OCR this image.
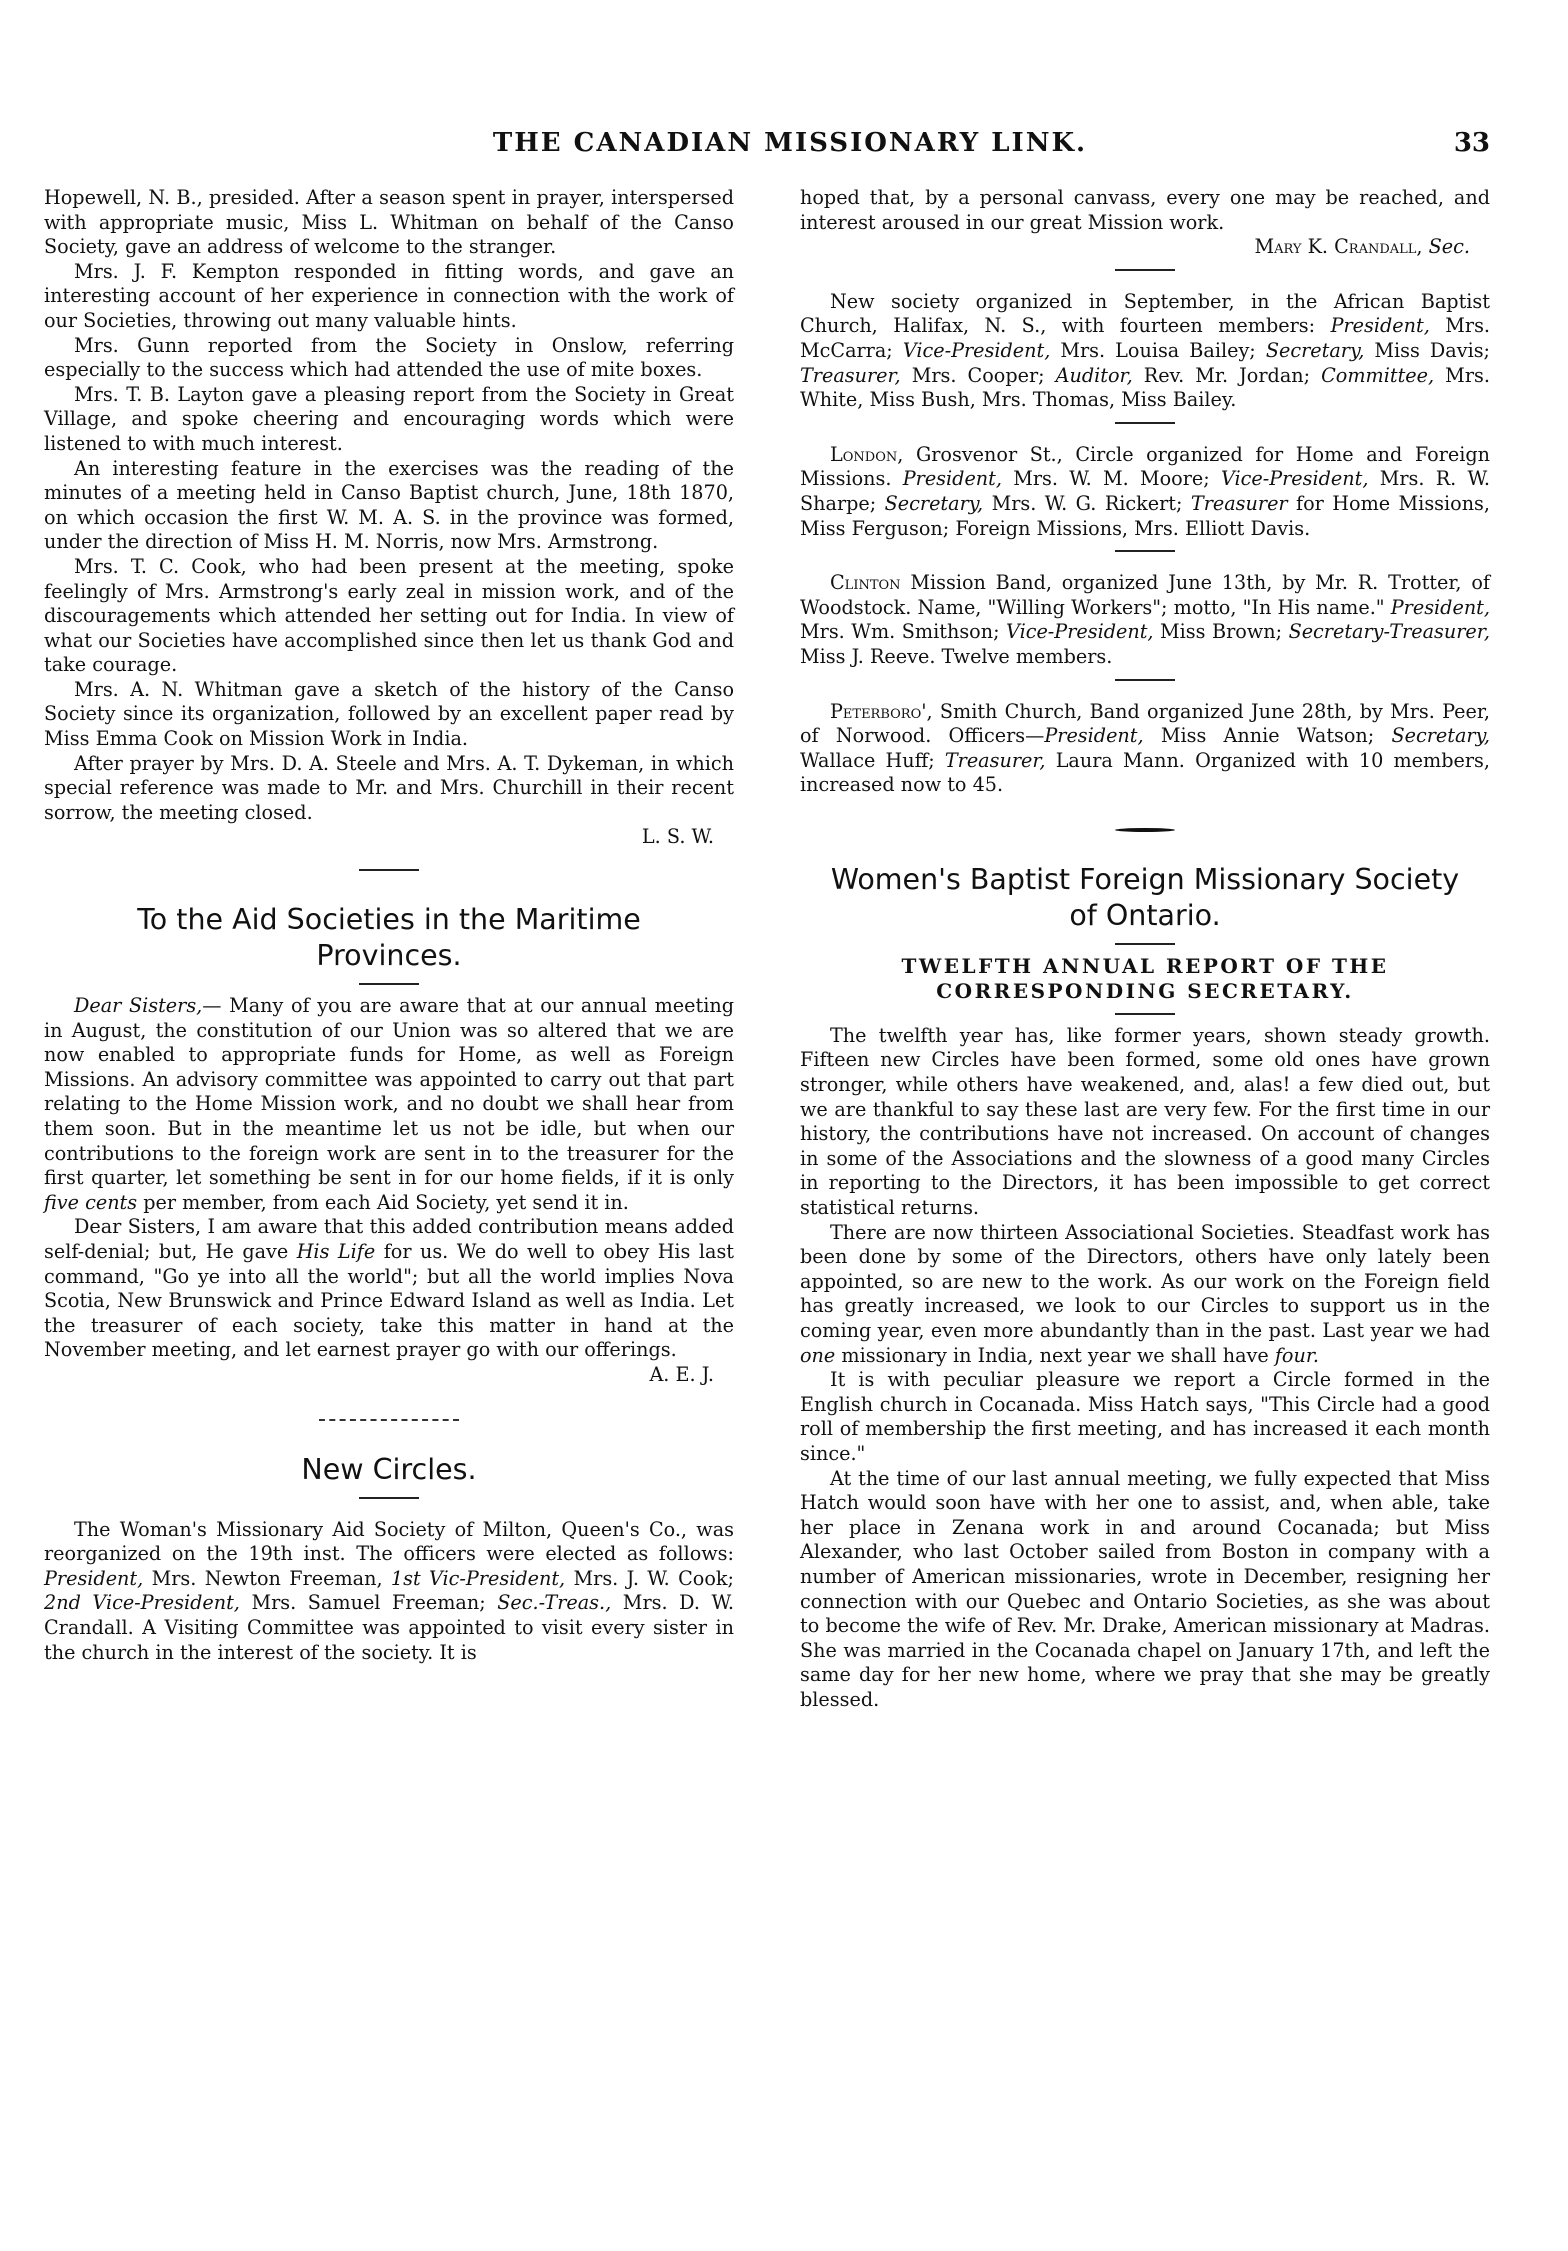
THE CANADIAN MISSIONARY LINK.	33

Hopewell, N. B., presided. After a season spent in prayer, interspersed with appropriate music, Miss L. Whitman on behalf of the Canso Society, gave an address of welcome to the stranger.

Mrs. J. F. Kempton responded in fitting words, and gave an interesting account of her experience in connection with the work of our Societies, throwing out many valuable hints.

Mrs. Gunn reported from the Society in Onslow, referring especially to the success which had attended the use of mite boxes.

Mrs. T. B. Layton gave a pleasing report from the Society in Great Village, and spoke cheering and encouraging words which were listened to with much interest.

An interesting feature in the exercises was the reading of the minutes of a meeting held in Canso Baptist church, June, 18th 1870, on which occasion the first W. M. A. S. in the province was formed, under the direction of Miss H. M. Norris, now Mrs. Armstrong.

Mrs. T. C. Cook, who had been present at the meeting, spoke feelingly of Mrs. Armstrong's early zeal in mission work, and of the discouragements which attended her setting out for India. In view of what our Societies have accomplished since then let us thank God and take courage.

Mrs. A. N. Whitman gave a sketch of the history of the Canso Society since its organization, followed by an excellent paper read by Miss Emma Cook on Mission Work in India.

After prayer by Mrs. D. A. Steele and Mrs. A. T. Dykeman, in which special reference was made to Mr. and Mrs. Churchill in their recent sorrow, the meeting closed.

L. S. W.

To the Aid Societies in the Maritime Provinces.

Dear Sisters,— Many of you are aware that at our annual meeting in August, the constitution of our Union was so altered that we are now enabled to appropriate funds for Home, as well as Foreign Missions. An advisory committee was appointed to carry out that part relating to the Home Mission work, and no doubt we shall hear from them soon. But in the meantime let us not be idle, but when our contributions to the foreign work are sent in to the treasurer for the first quarter, let something be sent in for our home fields, if it is only five cents per member, from each Aid Society, yet send it in.

Dear Sisters, I am aware that this added contribution means added self-denial; but, He gave His Life for us. We do well to obey His last command, "Go ye into all the world"; but all the world implies Nova Scotia, New Brunswick and Prince Edward Island as well as India. Let the treasurer of each society, take this matter in hand at the November meeting, and let earnest prayer go with our offerings.

A. E. J.

New Circles.

The Woman's Missionary Aid Society of Milton, Queen's Co., was reorganized on the 19th inst. The officers were elected as follows: President, Mrs. Newton Freeman, 1st Vic-President, Mrs. J. W. Cook; 2nd Vice-President, Mrs. Samuel Freeman; Sec.-Treas., Mrs. D. W. Crandall. A Visiting Committee was appointed to visit every sister in the church in the interest of the society. It is

hoped that, by a personal canvass, every one may be reached, and interest aroused in our great Mission work.

Mary K. Crandall, Sec.

New society organized in September, in the African Baptist Church, Halifax, N. S., with fourteen members: President, Mrs. McCarra; Vice-President, Mrs. Louisa Bailey; Secretary, Miss Davis; Treasurer, Mrs. Cooper; Auditor, Rev. Mr. Jordan; Committee, Mrs. White, Miss Bush, Mrs. Thomas, Miss Bailey.

London, Grosvenor St., Circle organized for Home and Foreign Missions. President, Mrs. W. M. Moore; Vice-President, Mrs. R. W. Sharpe; Secretary, Mrs. W. G. Rickert; Treasurer for Home Missions, Miss Ferguson; Foreign Missions, Mrs. Elliott Davis.

Clinton Mission Band, organized June 13th, by Mr. R. Trotter, of Woodstock. Name, "Willing Workers"; motto, "In His name." President, Mrs. Wm. Smithson; Vice-President, Miss Brown; Secretary-Treasurer, Miss J. Reeve. Twelve members.

Peterboro', Smith Church, Band organized June 28th, by Mrs. Peer, of Norwood. Officers—President, Miss Annie Watson; Secretary, Wallace Huff; Treasurer, Laura Mann. Organized with 10 members, increased now to 45.

Women's Baptist Foreign Missionary Society of Ontario.
TWELFTH ANNUAL REPORT OF THE CORRESPONDING SECRETARY.

The twelfth year has, like former years, shown steady growth. Fifteen new Circles have been formed, some old ones have grown stronger, while others have weakened, and, alas! a few died out, but we are thankful to say these last are very few. For the first time in our history, the contributions have not increased. On account of changes in some of the Associations and the slowness of a good many Circles in reporting to the Directors, it has been impossible to get correct statistical returns.

There are now thirteen Associational Societies. Steadfast work has been done by some of the Directors, others have only lately been appointed, so are new to the work. As our work on the Foreign field has greatly increased, we look to our Circles to support us in the coming year, even more abundantly than in the past. Last year we had one missionary in India, next year we shall have four.

It is with peculiar pleasure we report a Circle formed in the English church in Cocanada. Miss Hatch says, "This Circle had a good roll of membership the first meeting, and has increased it each month since."

At the time of our last annual meeting, we fully expected that Miss Hatch would soon have with her one to assist, and, when able, take her place in Zenana work in and around Cocanada; but Miss Alexander, who last October sailed from Boston in company with a number of American missionaries, wrote in December, resigning her connection with our Quebec and Ontario Societies, as she was about to become the wife of Rev. Mr. Drake, American missionary at Madras. She was married in the Cocanada chapel on January 17th, and left the same day for her new home, where we pray that she may be greatly blessed.
